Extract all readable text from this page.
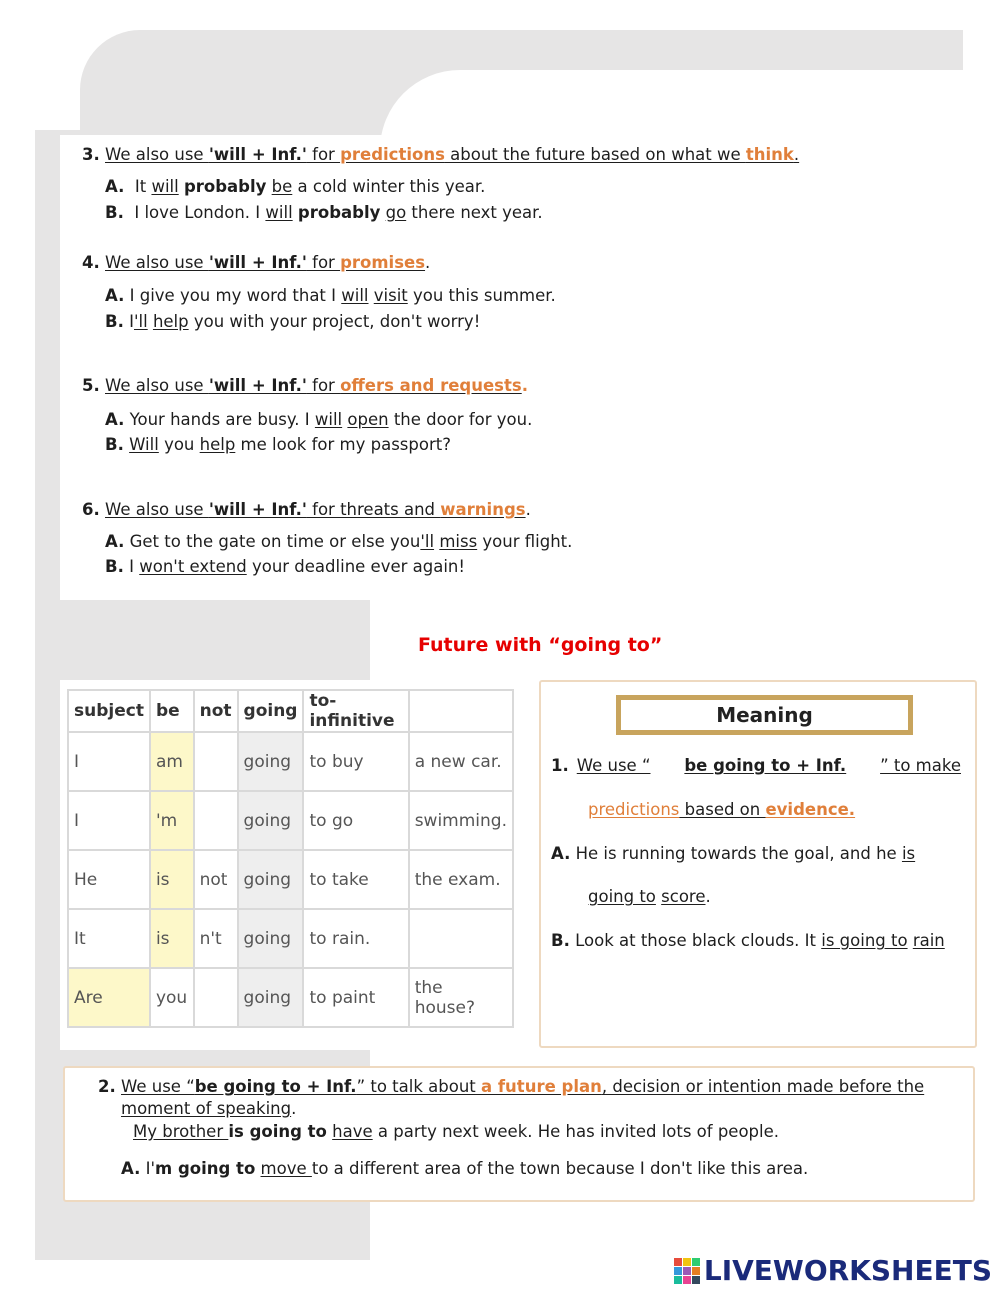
3. We also use 'will + Inf.' for predictions about the future based on what we think.
A. It will probably be a cold winter this year.
B. I love London. I will probably go there next year.
4. We also use 'will + Inf.' for promises.
A. I give you my word that I will visit you this summer.
B. I'll help you with your project, don't worry!
5. We also use 'will + Inf.' for offers and requests.
A. Your hands are busy. I will open the door for you.
B. Will you help me look for my passport?
6. We also use 'will + Inf.' for threats and warnings.
A. Get to the gate on time or else you'll miss your flight.
B. I won't extend your deadline ever again!
Future with “going to”
subject	be	not	going	to-infinitive	
I	am		going	to buy	a new car.
I	'm		going	to go	swimming.
He	is	not	going	to take	the exam.
It	is	n't	going	to rain.	
Are	you		going	to paint	the house?
Meaning
1. We use “ be going to + Inf. ” to make
predictions based on evidence.
A. He is running towards the goal, and he is
going to score.
B. Look at those black clouds. It is going to rain
2. We use “be going to + Inf.” to talk about a future plan, decision or intention made before the
moment of speaking.
My brother is going to have a party next week. He has invited lots of people.
A. I'm going to move to a different area of the town because I don't like this area.
LIVEWORKSHEETS
